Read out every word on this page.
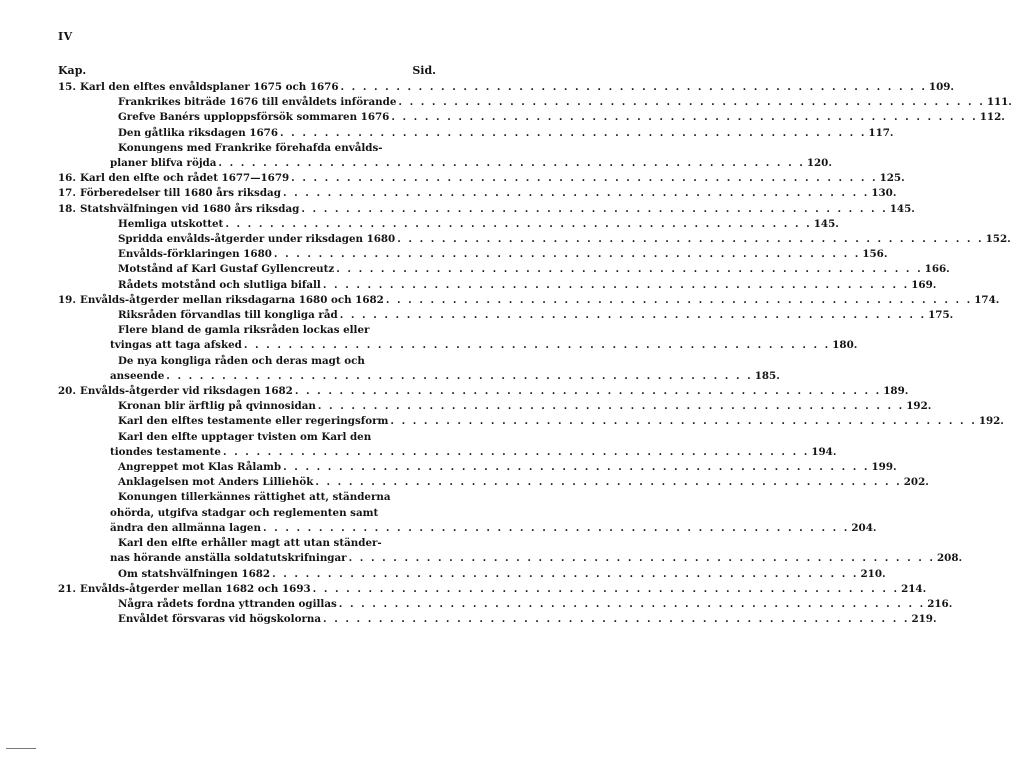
IV
Kap.	Sid.
15. Karl den elftes envåldsplaner 1675 och 1676 . . .	109.
Frankrikes biträde 1676 till envåldets införande . . .	111.
Grefve Banérs upploppsförsök sommaren 1676 . . .	112.
Den gåtlika riksdagen 1676 . . .	117.
Konungens med Frankrike förehafda envålds-
planer blifva röjda . . .	120.
16. Karl den elfte och rådet 1677—1679 . . .	125.
17. Förberedelser till 1680 års riksdag . . .	130.
18. Statshvälfningen vid 1680 års riksdag . . .	145.
Hemliga utskottet . . .	145.
Spridda envålds-åtgerder under riksdagen 1680 . . .	152.
Envålds-förklaringen 1680 . . .	156.
Motstånd af Karl Gustaf Gyllencreutz . . .	166.
Rådets motstånd och slutliga bifall . . .	169.
19. Envålds-åtgerder mellan riksdagarna 1680 och 1682 . . .	174.
Riksråden förvandlas till kongliga råd . . .	175.
Flere bland de gamla riksråden lockas eller
tvingas att taga afsked . . .	180.
De nya kongliga råden och deras magt och
anseende . . .	185.
20. Envålds-åtgerder vid riksdagen 1682 . . .	189.
Kronan blir ärftlig på qvinnosidan . . .	192.
Karl den elftes testamente eller regeringsform . . .	192.
Karl den elfte upptager tvisten om Karl den
tiondes testamente . . .	194.
Angreppet mot Klas Rålamb . . .	199.
Anklagelsen mot Anders Lilliehök . . .	202.
Konungen tillerkännes rättighet att, ständerna
ohörda, utgifva stadgar och reglementen samt
ändra den allmänna lagen . . .	204.
Karl den elfte erhåller magt att utan ständer-
nas hörande anställa soldatutskrifningar . . .	208.
Om statshvälfningen 1682 . . .	210.
21. Envålds-åtgerder mellan 1682 och 1693 . . .	214.
Några rådets fordna yttranden ogillas . . .	216.
Envåldet försvaras vid högskolorna . . .	219.
